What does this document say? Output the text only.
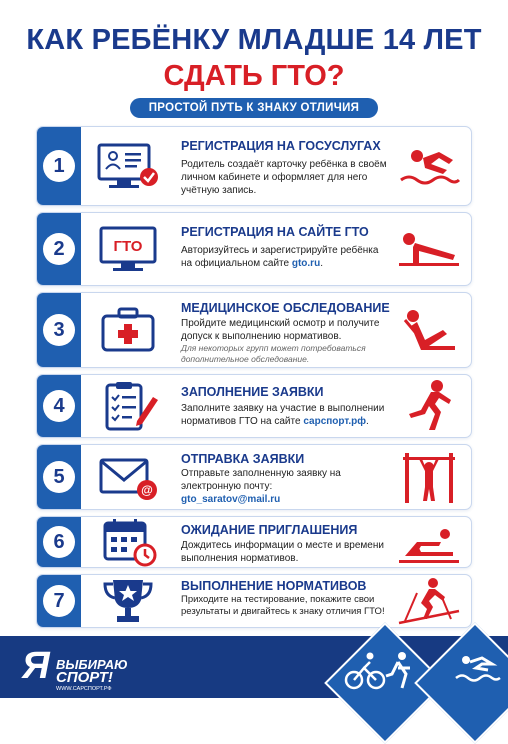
КАК РЕБЁНКУ МЛАДШЕ 14 ЛЕТ
СДАТЬ ГТО?
ПРОСТОЙ ПУТЬ К ЗНАКУ ОТЛИЧИЯ
1
РЕГИСТРАЦИЯ НА ГОСУСЛУГАХ
Родитель создаёт карточку ребёнка в своём личном кабинете и оформляет для него учётную запись.
2	ГТО
РЕГИСТРАЦИЯ НА САЙТЕ ГТО
Авторизуйтесь и зарегистрируйте ребёнка на официальном сайте gto.ru.
3
МЕДИЦИНСКОЕ ОБСЛЕДОВАНИЕ
Пройдите медицинский осмотр и получите допуск к выполнению нормативов.
Для некоторых групп может потребоваться дополнительное обследование.
4
ЗАПОЛНЕНИЕ ЗАЯВКИ
Заполните заявку на участие в выполнении нормативов ГТО на сайте сарспорт.рф.
5
@
ОТПРАВКА ЗАЯВКИ
Отправьте заполненную заявку на электронную почту:
gto_saratov@mail.ru
6
ОЖИДАНИЕ ПРИГЛАШЕНИЯ
Дождитесь информации о месте и времени выполнения нормативов.
7
ВЫПОЛНЕНИЕ НОРМАТИВОВ
Приходите на тестирование, покажите свои результаты и двигайтесь к знаку отличия ГТО!
Я ВЫБИРАЮ
СПОРТ!
WWW.САРСПОРТ.РФ
